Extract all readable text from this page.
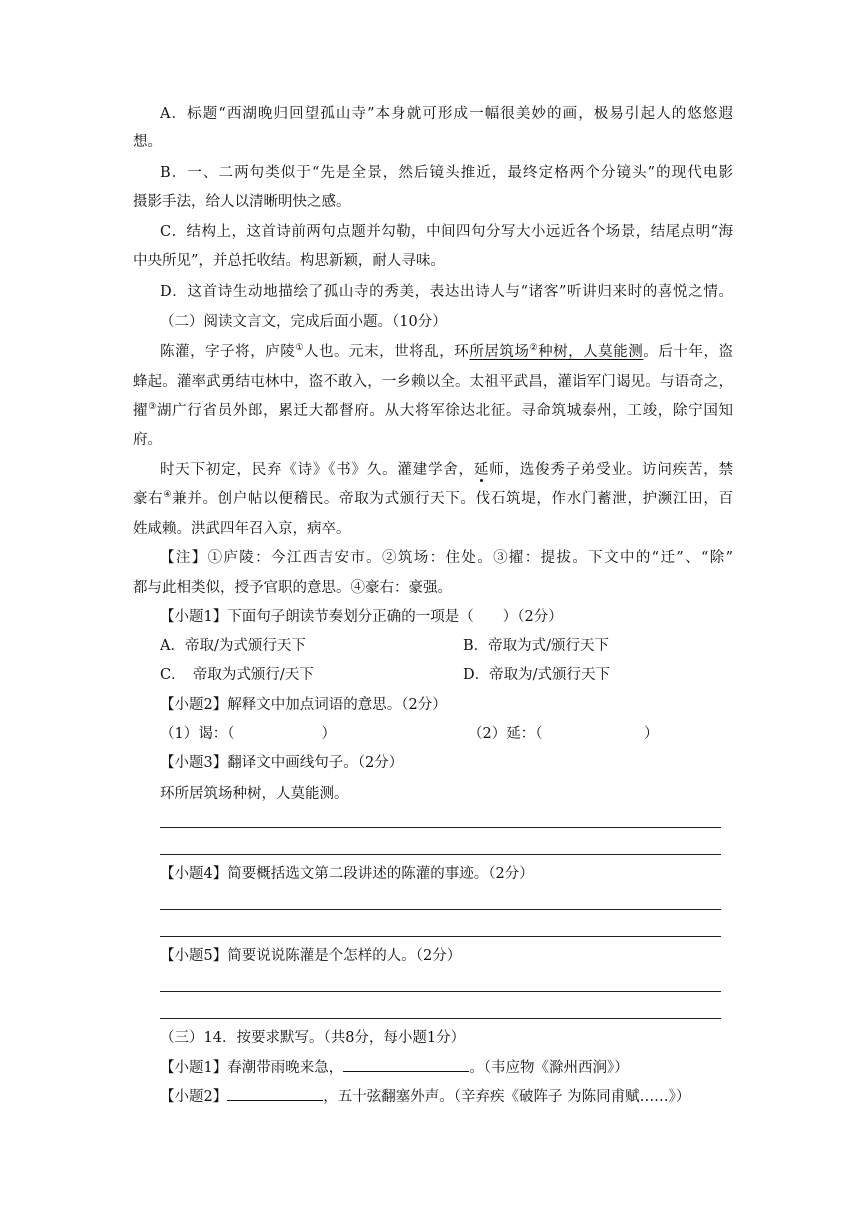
A．标题“西湖晚归回望孤山寺”本身就可形成一幅很美妙的画，极易引起人的悠悠遐
想。
B．一、二两句类似于“先是全景，然后镜头推近，最终定格两个分镜头”的现代电影
摄影手法，给人以清晰明快之感。
C．结构上，这首诗前两句点题并勾勒，中间四句分写大小远近各个场景，结尾点明“海
中央所见”，并总托收结。构思新颖，耐人寻味。
D．这首诗生动地描绘了孤山寺的秀美，表达出诗人与“诸客”听讲归来时的喜悦之情。
（二）阅读文言文，完成后面小题。（10分）
陈灌，字子将，庐陵①人也。元末，世将乱，环所居筑场②种树，人莫能测。后十年，盗
蜂起。灌率武勇结屯林中，盗不敢入，一乡赖以全。太祖平武昌，灌诣军门谒见。与语奇之，
擢③湖广行省员外郎，累迁大都督府。从大将军徐达北征。寻命筑城泰州，工竣，除宁国知
府。
时天下初定，民弃《诗》《书》久。灌建学舍，延师，选俊秀子弟受业。访问疾苦，禁
豪右④兼并。创户帖以便稽民。帝取为式颁行天下。伐石筑堤，作水门蓄泄，护濒江田，百
姓咸赖。洪武四年召入京，病卒。
【注】①庐陵：今江西吉安市。②筑场：住处。③擢：提拔。下文中的“迁”、“除”
都与此相类似，授予官职的意思。④豪右：豪强。
【小题1】下面句子朗读节奏划分正确的一项是（　　）（2分）
A．帝取/为式颁行天下	B．帝取为式/颁行天下
C．　帝取为式颁行/天下	D．帝取为/式颁行天下
【小题2】解释文中加点词语的意思。（2分）
（1）谒：（　　　　　　）	（2）延：（　　　　　　　）
【小题3】翻译文中画线句子。（2分）
环所居筑场种树，人莫能测。
【小题4】简要概括选文第二段讲述的陈灌的事迹。（2分）
【小题5】简要说说陈灌是个怎样的人。（2分）
（三）14．按要求默写。（共8分，每小题1分）
【小题1】春潮带雨晚来急，	。（韦应物《滁州西涧》）
【小题2】	，五十弦翻塞外声。（辛弃疾《破阵子 为陈同甫赋……》）
